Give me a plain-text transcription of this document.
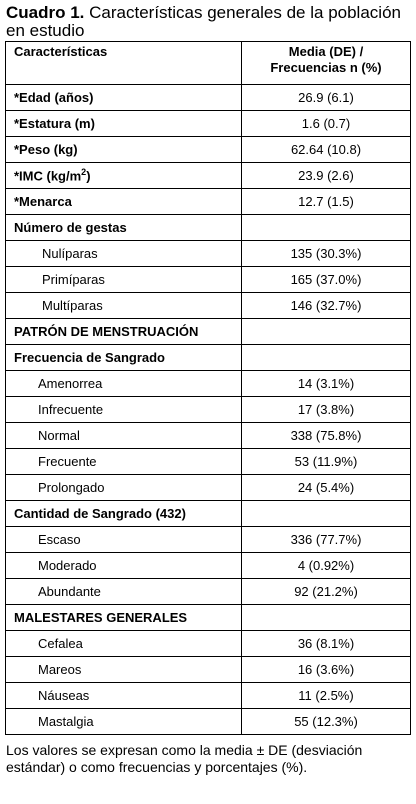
Cuadro 1. Características generales de la población en estudio
Características	Media (DE) /
Frecuencias n (%)
*Edad (años)	26.9 (6.1)
*Estatura (m)	1.6 (0.7)
*Peso (kg)	62.64 (10.8)
*IMC $(kg/m^2)$	23.9 (2.6)
*Menarca	12.7 (1.5)
Número de gestas	
Nulíparas	135 (30.3%)
Primíparas	165 (37.0%)
Multíparas	146 (32.7%)
PATRÓN DE MENSTRUACIÓN	
Frecuencia de Sangrado	
Amenorrea	14 (3.1%)
Infrecuente	17 (3.8%)
Normal	338 (75.8%)
Frecuente	53 (11.9%)
Prolongado	24 (5.4%)
Cantidad de Sangrado (432)	
Escaso	336 (77.7%)
Moderado	4 (0.92%)
Abundante	92 (21.2%)
MALESTARES GENERALES	
Cefalea	36 (8.1%)
Mareos	16 (3.6%)
Náuseas	11 (2.5%)
Mastalgia	55 (12.3%)
Los valores se expresan como la media ± DE (desviación estándar) o como frecuencias y porcentajes (%).
